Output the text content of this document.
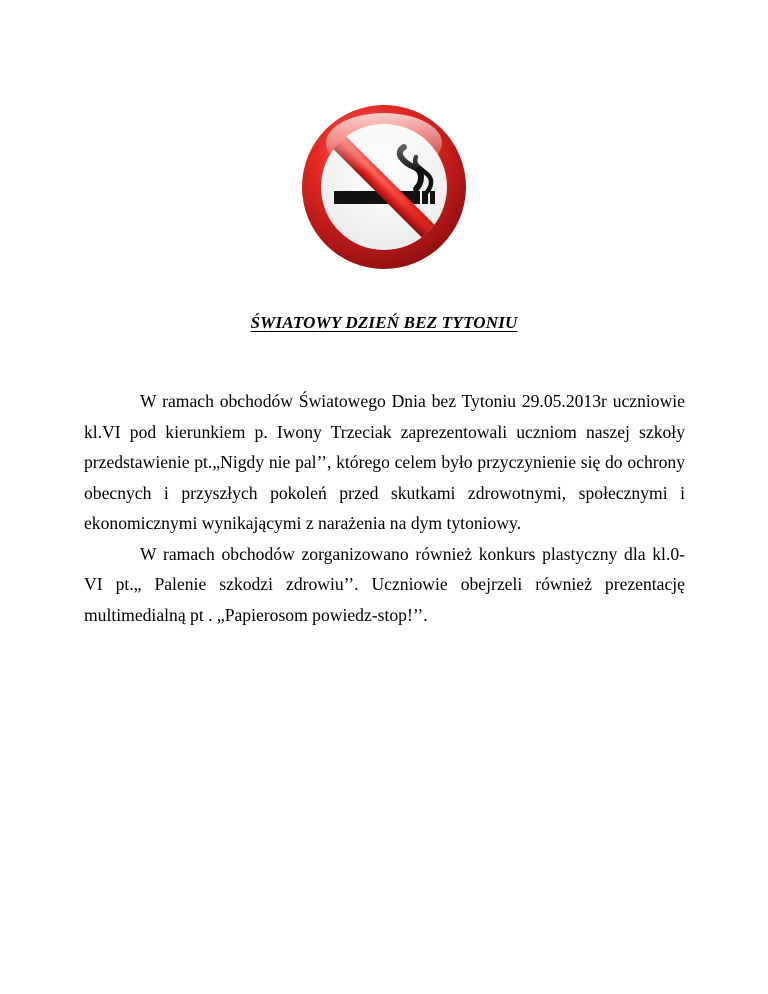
ŚWIATOWY DZIEŃ BEZ TYTONIU

W ramach obchodów Światowego Dnia bez Tytoniu 29.05.2013r uczniowie kl.VI pod kierunkiem p. Iwony Trzeciak zaprezentowali uczniom naszej szkoły przedstawienie pt.„Nigdy nie pal’’, którego celem było przyczynienie się do ochrony obecnych i przyszłych pokoleń przed skutkami zdrowotnymi, społecznymi i ekonomicznymi wynikającymi z narażenia na dym tytoniowy.

W ramach obchodów zorganizowano również konkurs plastyczny dla kl.0-VI pt.„ Palenie szkodzi zdrowiu’’. Uczniowie obejrzeli również prezentację multimedialną pt . „Papierosom powiedz-stop!’’.
